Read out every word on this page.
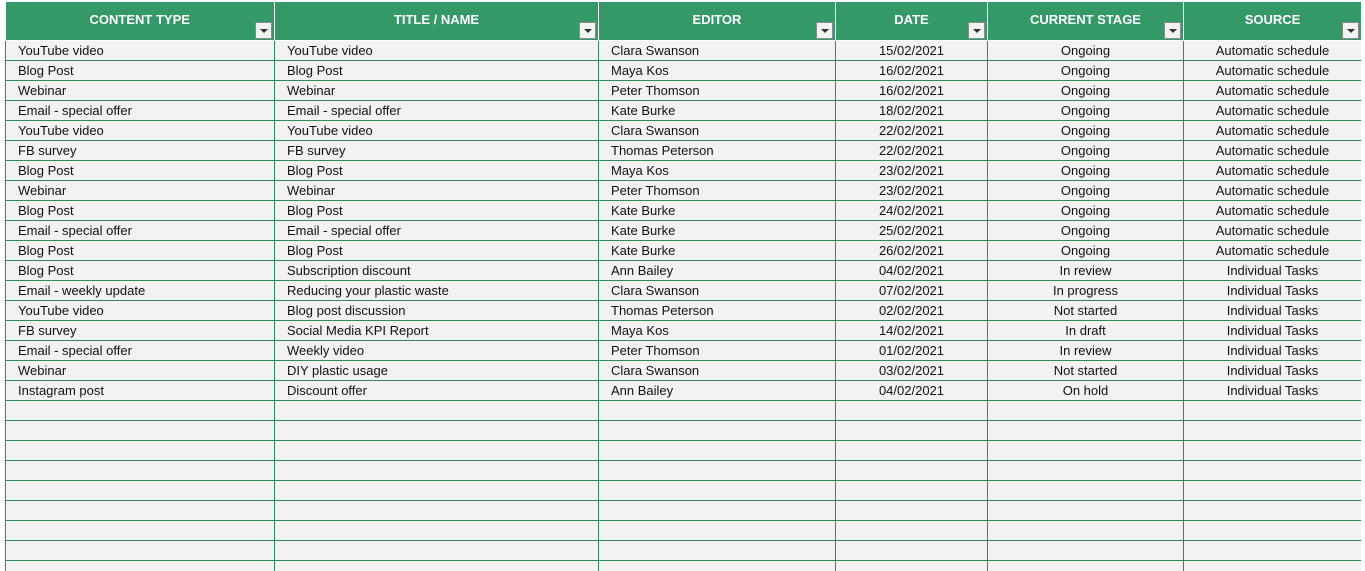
CONTENT TYPE	TITLE / NAME	EDITOR	DATE	CURRENT STAGE	SOURCE

YouTube video	YouTube video	Clara Swanson	15/02/2021	Ongoing	Automatic schedule
Blog Post	Blog Post	Maya Kos	16/02/2021	Ongoing	Automatic schedule
Webinar	Webinar	Peter Thomson	16/02/2021	Ongoing	Automatic schedule
Email - special offer	Email - special offer	Kate Burke	18/02/2021	Ongoing	Automatic schedule
YouTube video	YouTube video	Clara Swanson	22/02/2021	Ongoing	Automatic schedule
FB survey	FB survey	Thomas Peterson	22/02/2021	Ongoing	Automatic schedule
Blog Post	Blog Post	Maya Kos	23/02/2021	Ongoing	Automatic schedule
Webinar	Webinar	Peter Thomson	23/02/2021	Ongoing	Automatic schedule
Blog Post	Blog Post	Kate Burke	24/02/2021	Ongoing	Automatic schedule
Email - special offer	Email - special offer	Kate Burke	25/02/2021	Ongoing	Automatic schedule
Blog Post	Blog Post	Kate Burke	26/02/2021	Ongoing	Automatic schedule
Blog Post	Subscription discount	Ann Bailey	04/02/2021	In review	Individual Tasks
Email - weekly update	Reducing your plastic waste	Clara Swanson	07/02/2021	In progress	Individual Tasks
YouTube video	Blog post discussion	Thomas Peterson	02/02/2021	Not started	Individual Tasks
FB survey	Social Media KPI Report	Maya Kos	14/02/2021	In draft	Individual Tasks
Email - special offer	Weekly video	Peter Thomson	01/02/2021	In review	Individual Tasks
Webinar	DIY plastic usage	Clara Swanson	03/02/2021	Not started	Individual Tasks
Instagram post	Discount offer	Ann Bailey	04/02/2021	On hold	Individual Tasks
